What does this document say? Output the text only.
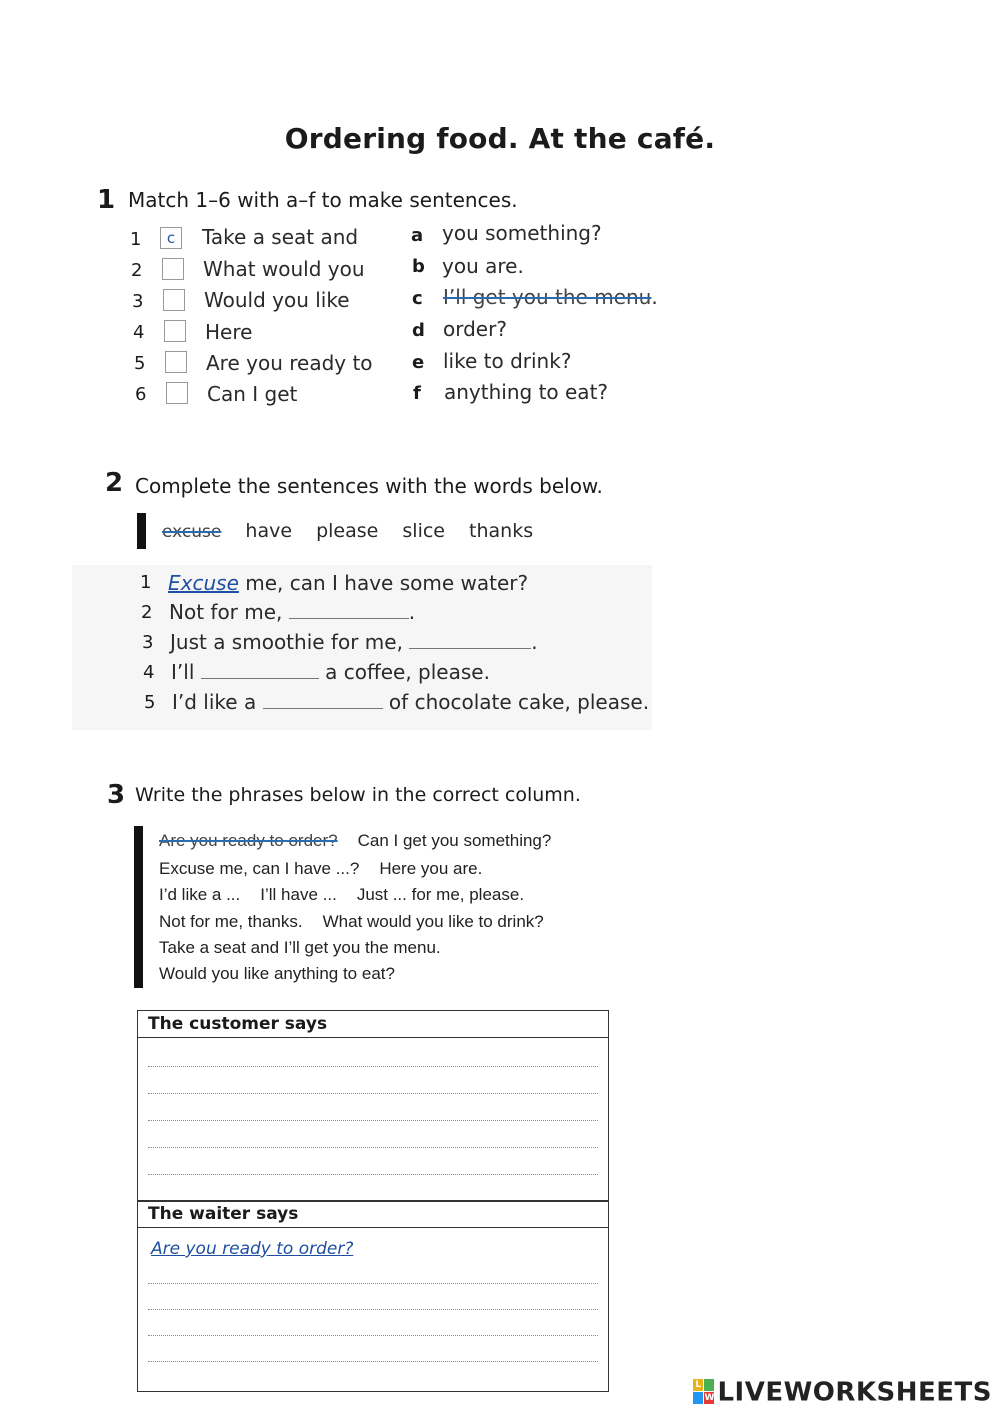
Ordering food. At the café.
1 Match 1–6 with a–f to make sentences.
1	c	Take a seat and
2	What would you
3	Would you like
4	Here
5	Are you ready to
6	Can I get
a you something?
b you are.
c I’ll get you the menu.
d order?
e like to drink?
f anything to eat?
2 Complete the sentences with the words below.
excuse have please slice thanks
1 Excuse me, can I have some water?
2 Not for me,	.
3 Just a smoothie for me,	.
4 I’ll	a coffee, please.
5 I’d like a	of chocolate cake, please.
3 Write the phrases below in the correct column.
Are you ready to order? Can I get you something?
Excuse me, can I have ...? Here you are.
I’d like a ... I’ll have ... Just ... for me, please.
Not for me, thanks. What would you like to drink?
Take a seat and I’ll get you the menu.
Would you like anything to eat?
The customer says
The waiter says
Are you ready to order?
L
W LIVEWORKSHEETS
